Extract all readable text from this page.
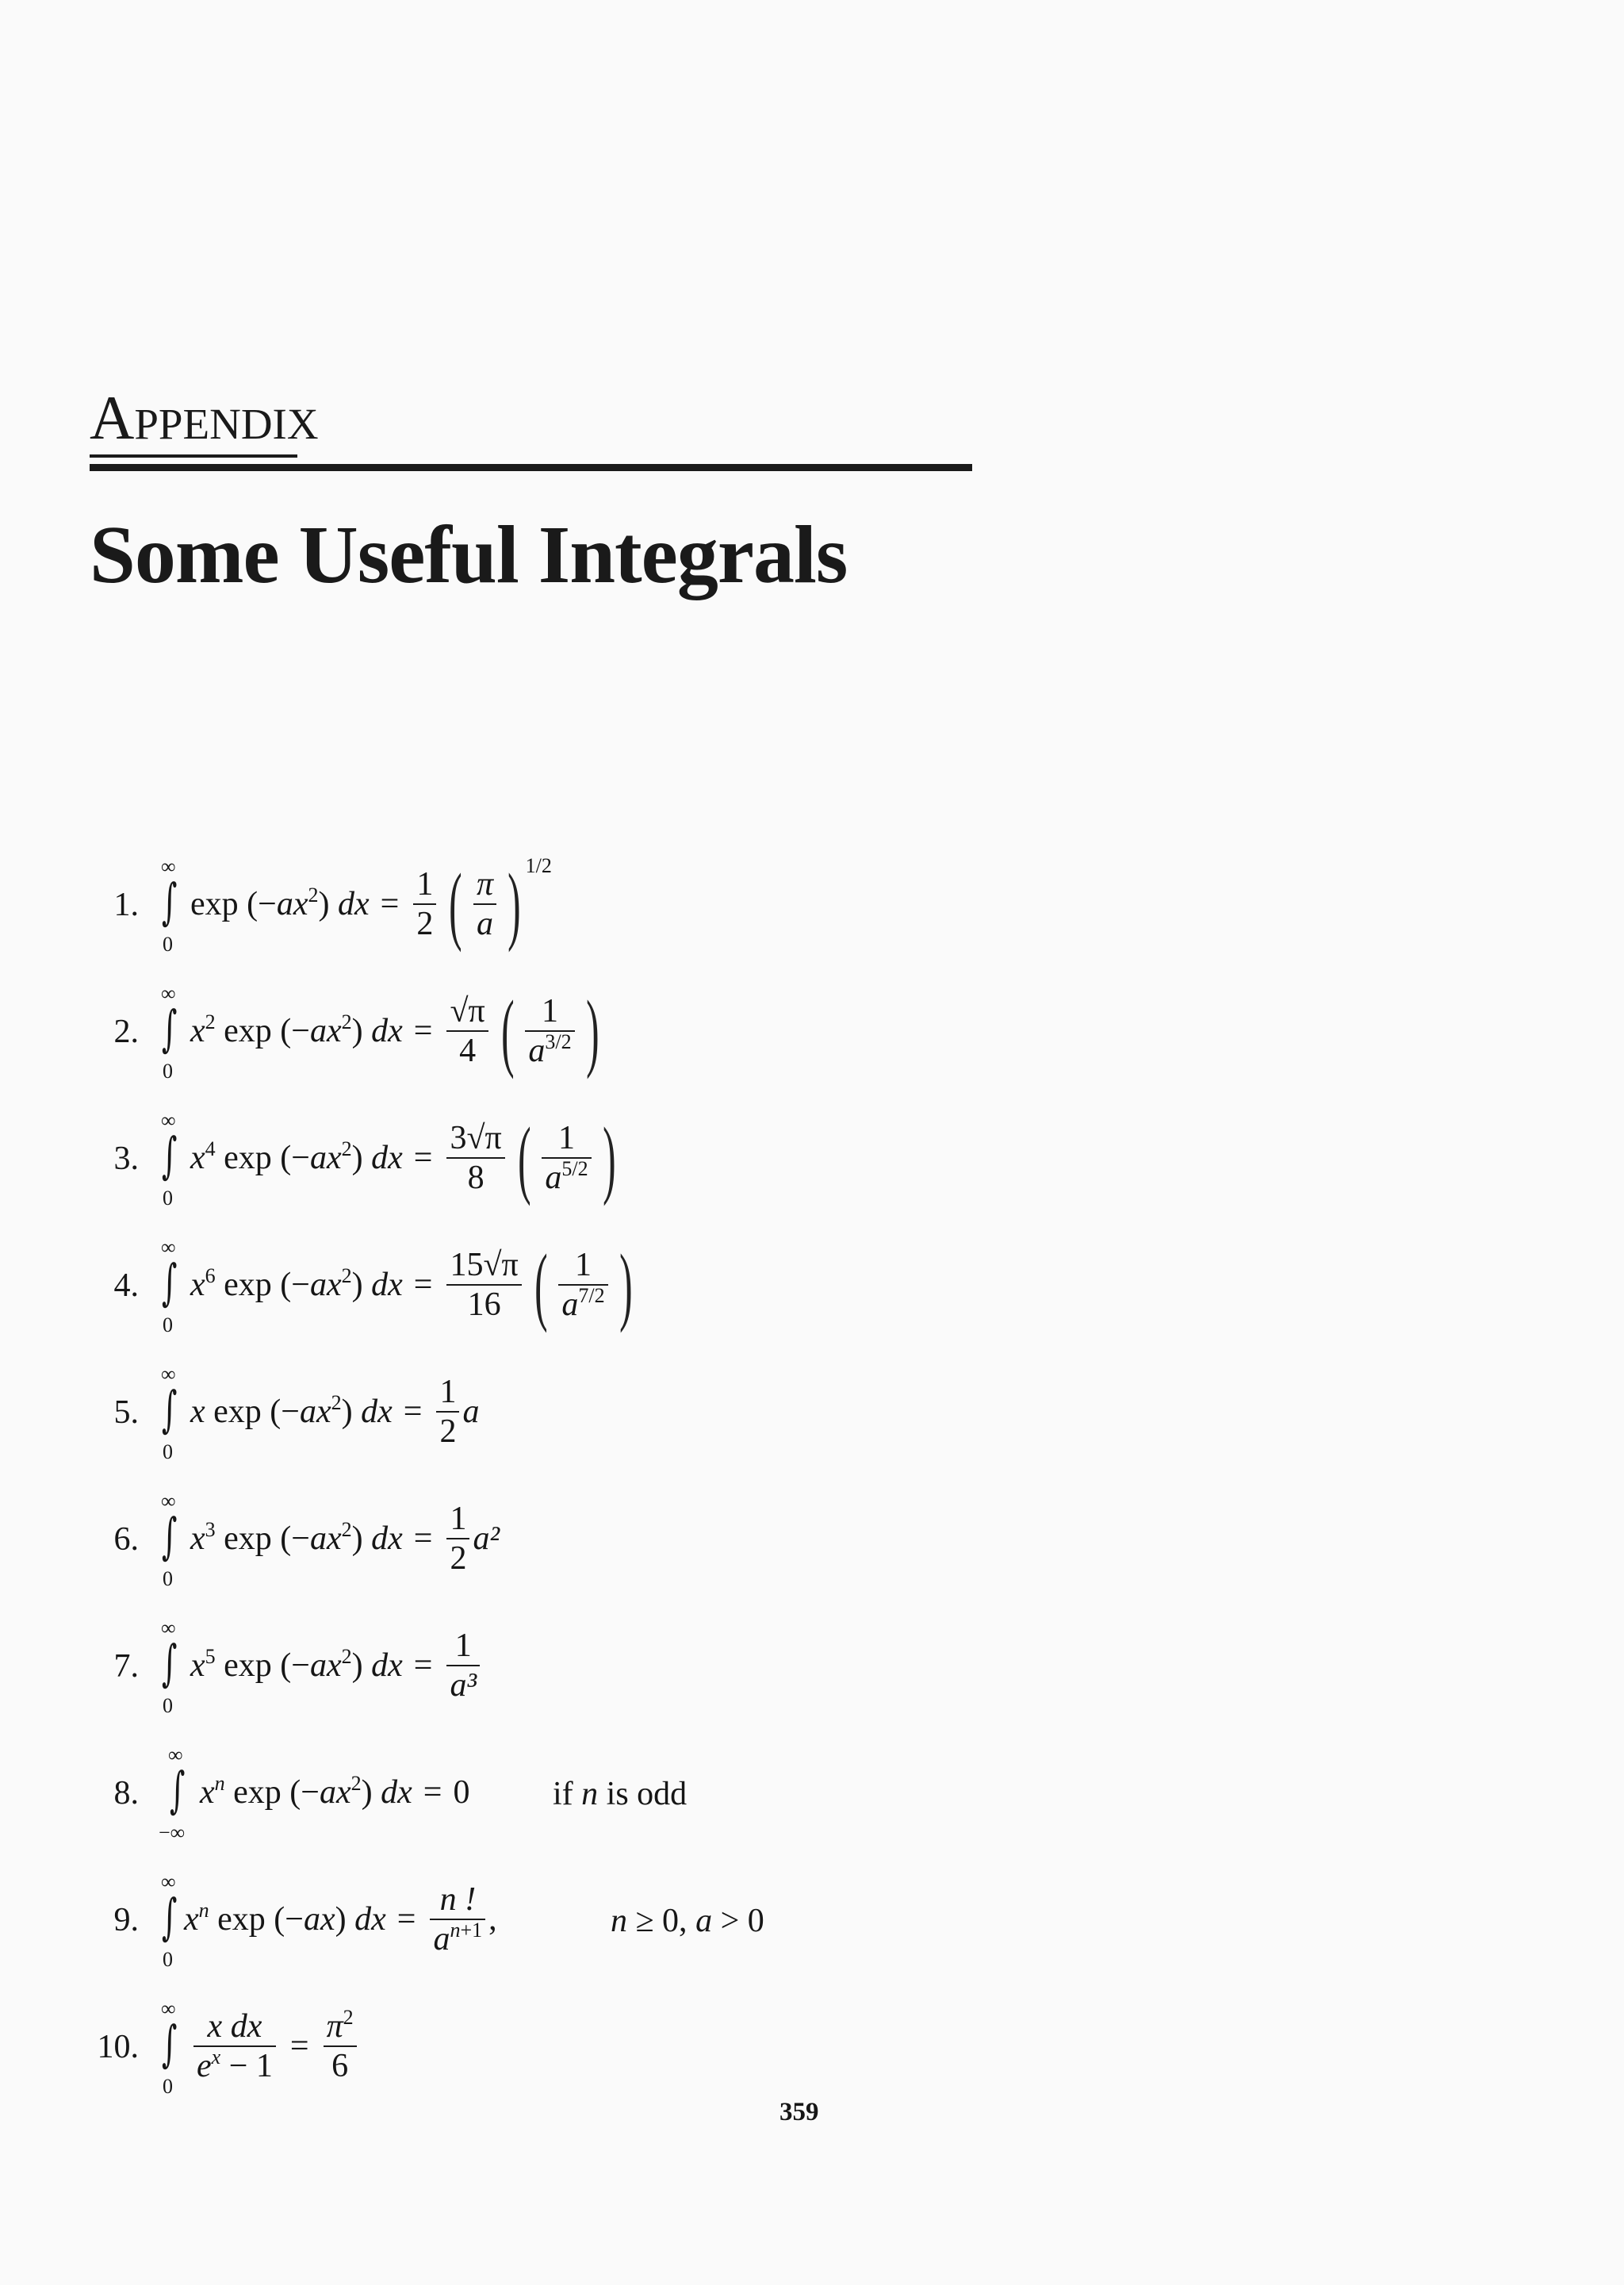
Appendix
Some Useful Integrals
1.
∞
∫
0
$\exp (-ax^2)$ dx = $\frac{1}{2}$ ( $\frac{\pi}{a}$ ) 1/2
2.
∞
∫
0
$x^2$ $\exp (-ax^2)$ dx = $\frac{√\pi}{4}$ ( $\frac{1}{a^{3/2}}$ )
3.
∞
∫
0
$x^4$ $\exp (-ax^2)$ dx = $\frac{3√\pi}{8}$ ( $\frac{1}{a^{5/2}}$ )
4.
∞
∫
0
$x^6$ $\exp (-ax^2)$ dx = $\frac{15√\pi}{16}$ ( $\frac{1}{a^{7/2}}$ )
5.
∞
∫
0
x $\exp (-ax^2)$ dx = $\frac{1}{2}$ a
6.
∞
∫
0
$x^3$ $\exp (-ax^2)$ dx = $\frac{1}{2} a^2$
7.
∞
∫
0
$x^5$ $\exp (-ax^2)$ dx = $\frac{1}{\text{a³}}$
8.
∞
∫
−∞
$x^n$ $\exp (-ax^2)$ dx = 0 if n is odd
9.
∞
∫
0
$x^n$ exp (−ax) dx = $\frac{n !}{a^{n+1}}$ ,	n ≥ 0, a > 0
10.
∞
∫
0
$\frac{\text{x dx}}{e^x - 1} = \frac{\pi^2}{6}$
359
